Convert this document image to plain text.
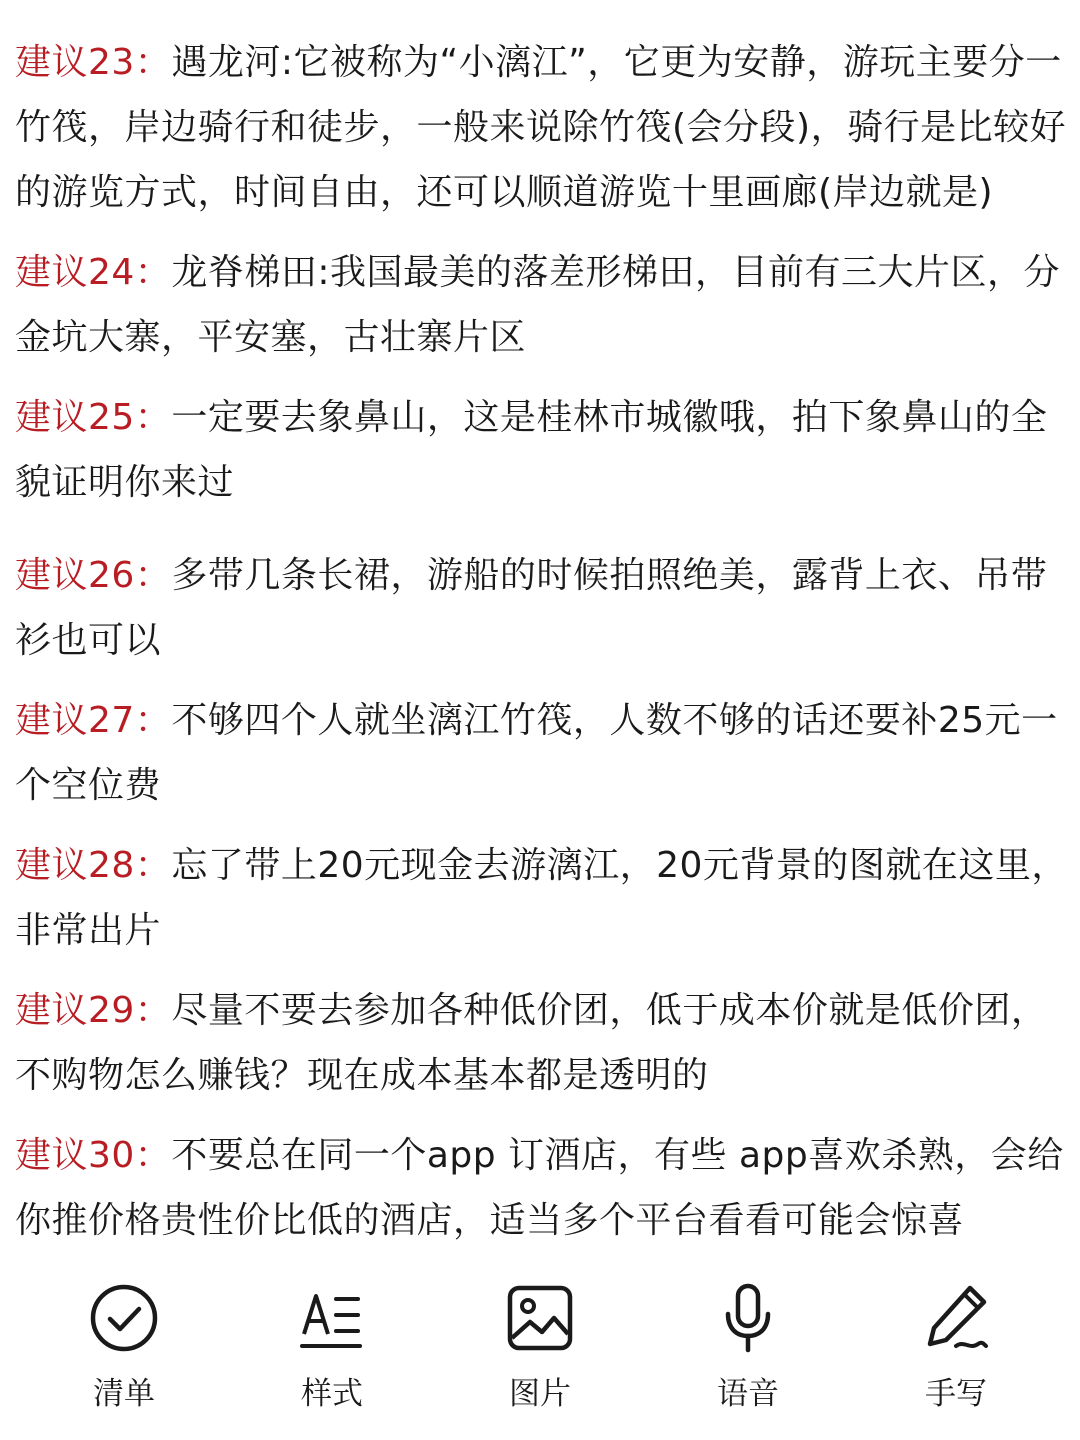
建议23：遇龙河:它被称为“小漓江”，它更为安静，游玩主要分一竹筏，岸边骑行和徒步，一般来说除竹筏(会分段)，骑行是比较好的游览方式，时间自由，还可以顺道游览十里画廊(岸边就是)

建议24：龙脊梯田:我国最美的落差形梯田，目前有三大片区，分金坑大寨，平安塞，古壮寨片区

建议25：一定要去象鼻山，这是桂林市城徽哦，拍下象鼻山的全貌证明你来过

建议26：多带几条长裙，游船的时候拍照绝美，露背上衣、吊带衫也可以

建议27：不够四个人就坐漓江竹筏，人数不够的话还要补25元一个空位费

建议28：忘了带上20元现金去游漓江，20元背景的图就在这里，非常出片

建议29：尽量不要去参加各种低价团，低于成本价就是低价团，不购物怎么赚钱？现在成本基本都是透明的

建议30：不要总在同一个app 订酒店，有些 app喜欢杀熟，会给你推价格贵性价比低的酒店，适当多个平台看看可能会惊喜

清单	样式	图片	语音	手写
